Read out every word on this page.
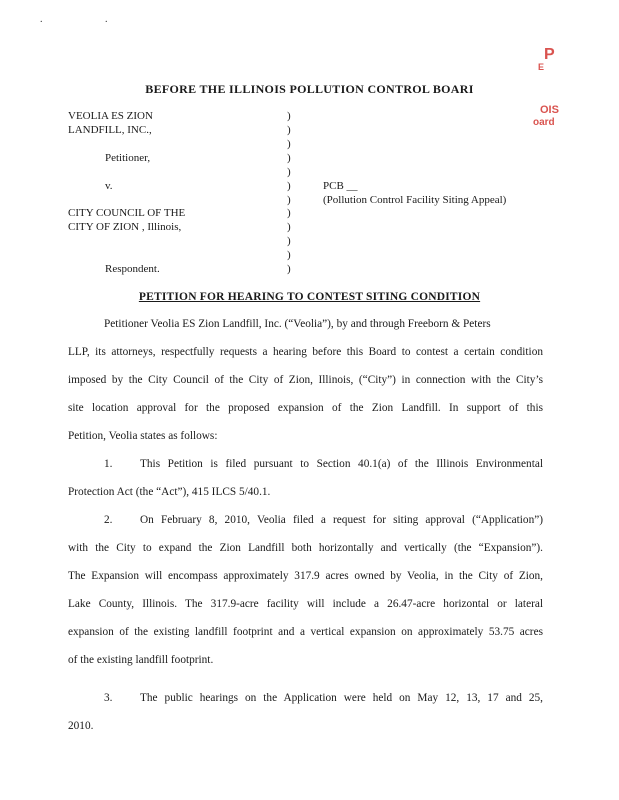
. .
P
E
OIS
oard
BEFORE THE ILLINOIS POLLUTION CONTROL BOARI
VEOLIA ES ZION
LANDFILL, INC.,
Petitioner,
v.
CITY COUNCIL OF THE
CITY OF ZION , Illinois,
Respondent.
)
)
)
)
)
)
)
)
)
)
)
)
PCB __
(Pollution Control Facility Siting Appeal)
PETITION FOR HEARING TO CONTEST SITING CONDITION
Petitioner Veolia ES Zion Landfill, Inc. (“Veolia”), by and through Freeborn & Peters
LLP, its attorneys, respectfully requests a hearing before this Board to contest a certain condition
imposed by the City Council of the City of Zion, Illinois, (“City”) in connection with the City’s
site location approval for the proposed expansion of the Zion Landfill. In support of this
Petition, Veolia states as follows:
1. This Petition is filed pursuant to Section 40.1(a) of the Illinois Environmental
Protection Act (the “Act”), 415 ILCS 5/40.1.
2. On February 8, 2010, Veolia filed a request for siting approval (“Application”)
with the City to expand the Zion Landfill both horizontally and vertically (the “Expansion”).
The Expansion will encompass approximately 317.9 acres owned by Veolia, in the City of Zion,
Lake County, Illinois. The 317.9-acre facility will include a 26.47-acre horizontal or lateral
expansion of the existing landfill footprint and a vertical expansion on approximately 53.75 acres
of the existing landfill footprint.
3. The public hearings on the Application were held on May 12, 13, 17 and 25,
2010.
